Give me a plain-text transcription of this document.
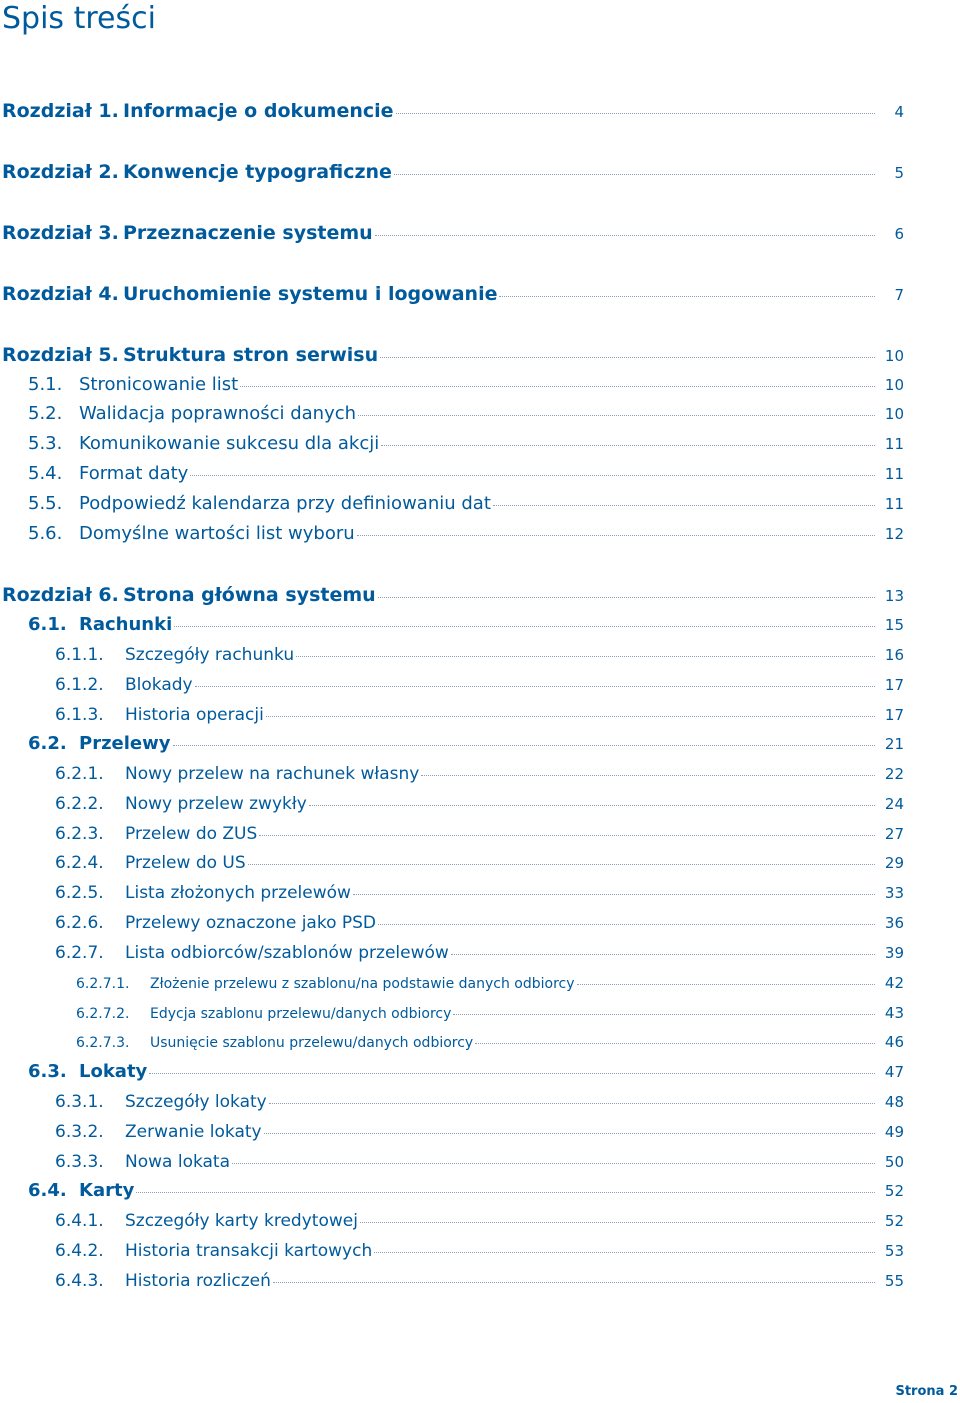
Spis treści
Rozdział 1. Informacje o dokumencie	4
Rozdział 2. Konwencje typograficzne	5
Rozdział 3. Przeznaczenie systemu	6
Rozdział 4. Uruchomienie systemu i logowanie	7
Rozdział 5. Struktura stron serwisu	10
5.1. Stronicowanie list	10
5.2. Walidacja poprawności danych	10
5.3. Komunikowanie sukcesu dla akcji	11
5.4. Format daty	11
5.5. Podpowiedź kalendarza przy definiowaniu dat	11
5.6. Domyślne wartości list wyboru	12
Rozdział 6. Strona główna systemu	13
6.1. Rachunki	15
6.1.1.	Szczegóły rachunku	16
6.1.2.	Blokady	17
6.1.3.	Historia operacji	17
6.2. Przelewy	21
6.2.1.	Nowy przelew na rachunek własny	22
6.2.2.	Nowy przelew zwykły	24
6.2.3.	Przelew do ZUS	27
6.2.4.	Przelew do US	29
6.2.5.	Lista złożonych przelewów	33
6.2.6.	Przelewy oznaczone jako PSD	36
6.2.7.	Lista odbiorców/szablonów przelewów	39
6.2.7.1.	Złożenie przelewu z szablonu/na podstawie danych odbiorcy	42
6.2.7.2.	Edycja szablonu przelewu/danych odbiorcy	43
6.2.7.3.	Usunięcie szablonu przelewu/danych odbiorcy	46
6.3. Lokaty	47
6.3.1.	Szczegóły lokaty	48
6.3.2.	Zerwanie lokaty	49
6.3.3.	Nowa lokata	50
6.4. Karty	52
6.4.1.	Szczegóły karty kredytowej	52
6.4.2.	Historia transakcji kartowych	53
6.4.3.	Historia rozliczeń	55
Strona 2
